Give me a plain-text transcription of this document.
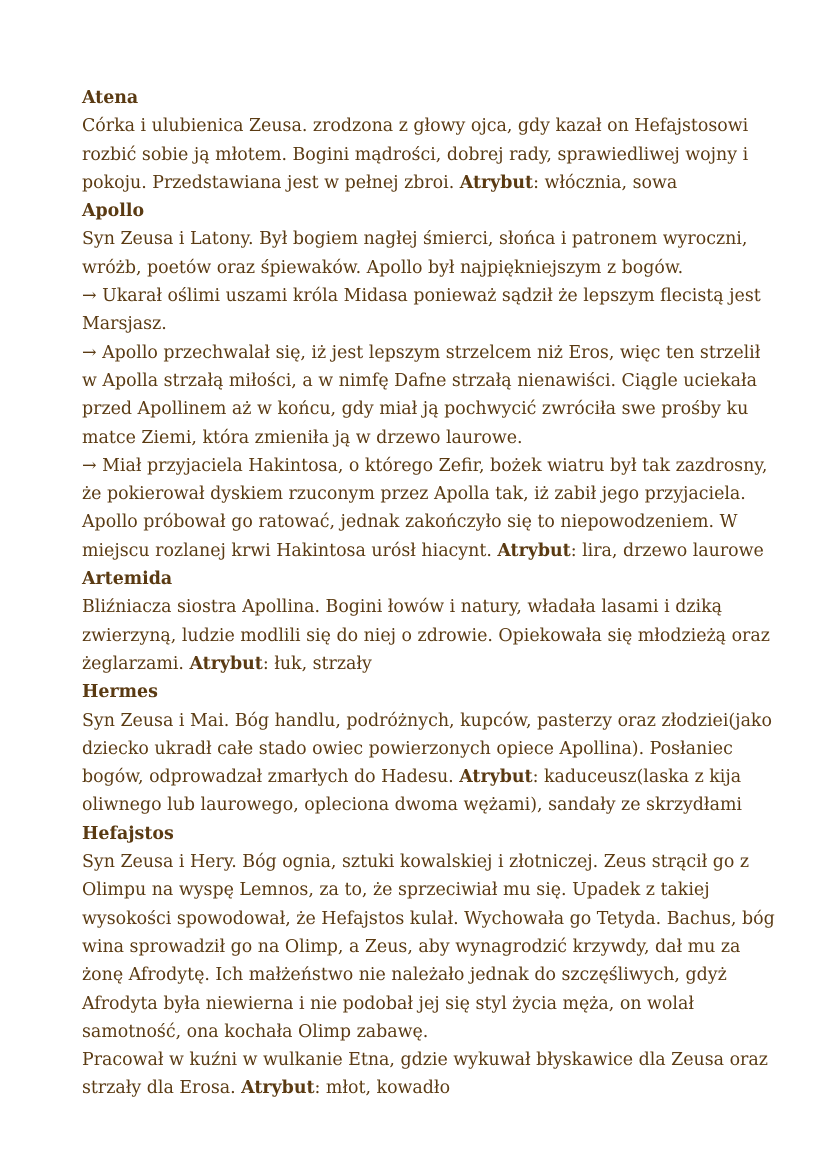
Atena
Córka i ulubienica Zeusa. zrodzona z głowy ojca, gdy kazał on Hefajstosowi
rozbić sobie ją młotem. Bogini mądrości, dobrej rady, sprawiedliwej wojny i
pokoju. Przedstawiana jest w pełnej zbroi. Atrybut: włócznia, sowa
Apollo
Syn Zeusa i Latony. Był bogiem nagłej śmierci, słońca i patronem wyroczni,
wróżb, poetów oraz śpiewaków. Apollo był najpiękniejszym z bogów.
→ Ukarał oślimi uszami króla Midasa ponieważ sądził że lepszym flecistą jest
Marsjasz.
→ Apollo przechwalał się, iż jest lepszym strzelcem niż Eros, więc ten strzelił
w Apolla strzałą miłości, a w nimfę Dafne strzałą nienawiści. Ciągle uciekała
przed Apollinem aż w końcu, gdy miał ją pochwycić zwróciła swe prośby ku
matce Ziemi, która zmieniła ją w drzewo laurowe.
→ Miał przyjaciela Hakintosa, o którego Zefir, bożek wiatru był tak zazdrosny,
że pokierował dyskiem rzuconym przez Apolla tak, iż zabił jego przyjaciela.
Apollo próbował go ratować, jednak zakończyło się to niepowodzeniem. W
miejscu rozlanej krwi Hakintosa urósł hiacynt. Atrybut: lira, drzewo laurowe
Artemida
Bliźniacza siostra Apollina. Bogini łowów i natury, władała lasami i dziką
zwierzyną, ludzie modlili się do niej o zdrowie. Opiekowała się młodzieżą oraz
żeglarzami. Atrybut: łuk, strzały
Hermes
Syn Zeusa i Mai. Bóg handlu, podróżnych, kupców, pasterzy oraz złodziei(jako
dziecko ukradł całe stado owiec powierzonych opiece Apollina). Posłaniec
bogów, odprowadzał zmarłych do Hadesu. Atrybut: kaduceusz(laska z kija
oliwnego lub laurowego, opleciona dwoma wężami), sandały ze skrzydłami
Hefajstos
Syn Zeusa i Hery. Bóg ognia, sztuki kowalskiej i złotniczej. Zeus strącił go z
Olimpu na wyspę Lemnos, za to, że sprzeciwiał mu się. Upadek z takiej
wysokości spowodował, że Hefajstos kulał. Wychowała go Tetyda. Bachus, bóg
wina sprowadził go na Olimp, a Zeus, aby wynagrodzić krzywdy, dał mu za
żonę Afrodytę. Ich małżeństwo nie należało jednak do szczęśliwych, gdyż
Afrodyta była niewierna i nie podobał jej się styl życia męża, on wolał
samotność, ona kochała Olimp zabawę.
Pracował w kuźni w wulkanie Etna, gdzie wykuwał błyskawice dla Zeusa oraz
strzały dla Erosa. Atrybut: młot, kowadło
